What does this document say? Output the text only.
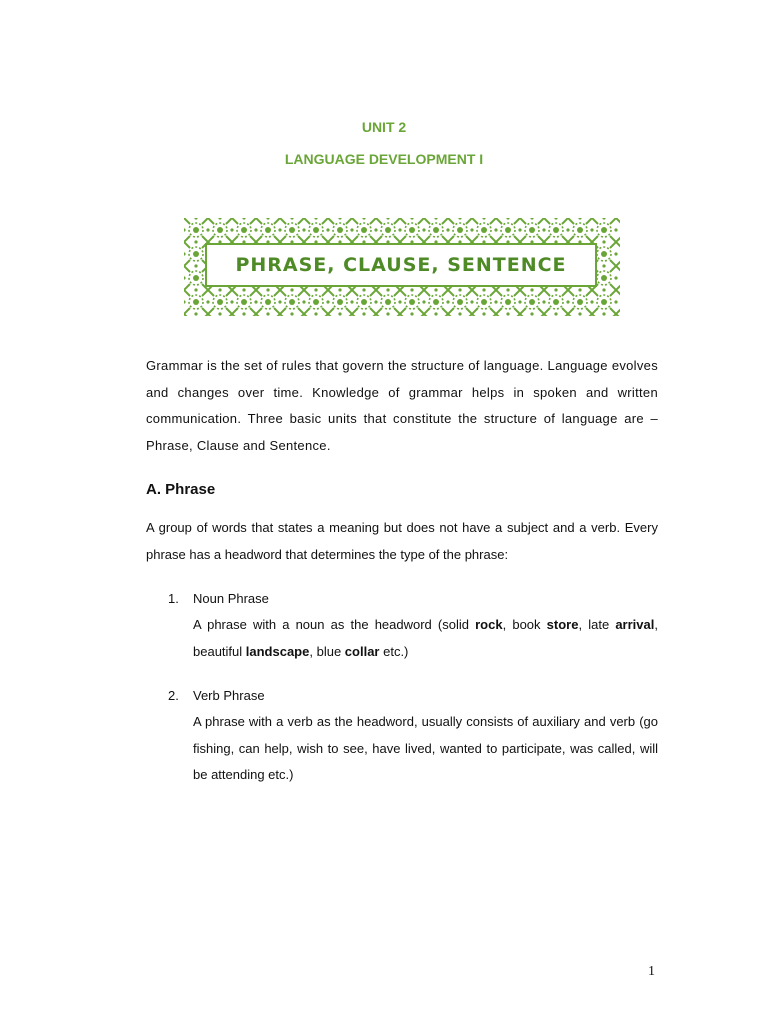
UNIT 2
LANGUAGE DEVELOPMENT I
PHRASE, CLAUSE, SENTENCE

Grammar is the set of rules that govern the structure of language. Language evolves and changes over time. Knowledge of grammar helps in spoken and written communication. Three basic units that constitute the structure of language are – Phrase, Clause and Sentence.

A. Phrase

A group of words that states a meaning but does not have a subject and a verb. Every phrase has a headword that determines the type of the phrase:

1. Noun Phrase

A phrase with a noun as the headword (solid rock, book store, late arrival, beautiful landscape, blue collar etc.)

2. Verb Phrase

A phrase with a verb as the headword, usually consists of auxiliary and verb (go fishing, can help, wish to see, have lived, wanted to participate, was called, will be attending etc.)

1
